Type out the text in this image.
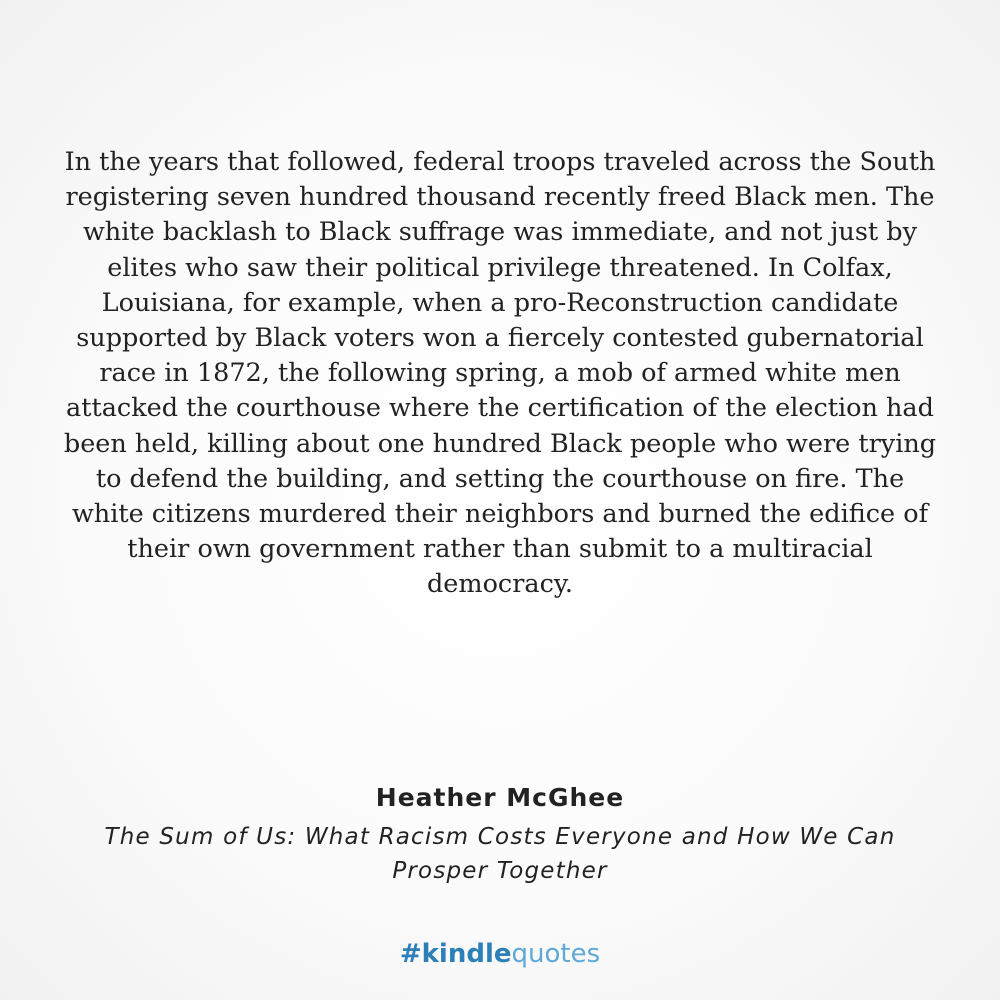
In the years that followed, federal troops traveled across the South registering seven hundred thousand recently freed Black men. The white backlash to Black suffrage was immediate, and not just by elites who saw their political privilege threatened. In Colfax, Louisiana, for example, when a pro-Reconstruction candidate supported by Black voters won a fiercely contested gubernatorial race in 1872, the following spring, a mob of armed white men attacked the courthouse where the certification of the election had been held, killing about one hundred Black people who were trying to defend the building, and setting the courthouse on fire. The white citizens murdered their neighbors and burned the edifice of their own government rather than submit to a multiracial democracy.

Heather McGhee
The Sum of Us: What Racism Costs Everyone and How We Can Prosper Together
#kindlequotes
